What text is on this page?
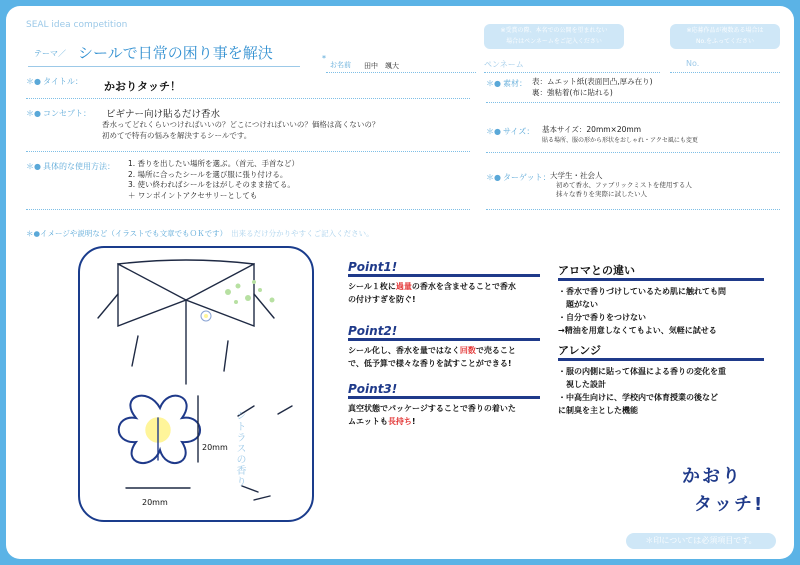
SEAL idea competition
テーマ／ シールで日常の困り事を解決	*
お名前 田中　颯大
※受賞の際、本名での公開を望まれない
場合はペンネームをご記入ください
ペンネーム
※応募作品が複数ある場合は
No.をふってください
No.
＊● タイトル： かおりタッチ！
＊● コンセプト： ビギナー向け貼るだけ香水
香水ってどれくらいつければいいの？どこにつければいいの？価格は高くないの？
初めてで特有の悩みを解決するシールです。
＊● 具体的な使用方法： 1. 香りを出したい場所を選ぶ。（首元、手首など）
2. 場所に合ったシールを選び服に張り付ける。
3. 使い終わればシールをはがしそのまま捨てる。
＋ ワンポイントアクセサリーとしても
＊● 素材： 表：ムエット紙(表面凹凸,厚み在り)
裏：強粘着(布に貼れる)
＊● サイズ： 基本サイズ：20mm×20mm
貼る場所、服の形から形状をおしゃれ・アクセ風にも変更
＊● ターゲット： 大学生・社会人
初めて香水、ファブリックミストを使用する人
抹々な香りを実際に試したい人
＊●イメージや説明など（イラストでも文章でもＯＫです） 出来るだけ分かりやすくご記入ください。
シトラスの香り
20mm
20mm
Point1!
シール１枚に過量の香水を含ませることで香水
の付けすぎを防ぐ!
Point2!
シール化し、香水を量ではなく回数で売ること
で、低予算で様々な香りを試すことができる!
Point3!
真空状態でパッケージすることで香りの着いた
ムエットも長持ち!
アロマとの違い
・香水で香りづけしているため肌に触れても問
　題がない
・自分で香りをつけない
→精油を用意しなくてもよい、気軽に試せる
アレンジ
・服の内側に貼って体温による香りの変化を重
　視した設計
・中高生向けに、学校内で体育授業の後など
に制臭を主とした機能
かおり
タッチ!
＊印については必須項目です。
